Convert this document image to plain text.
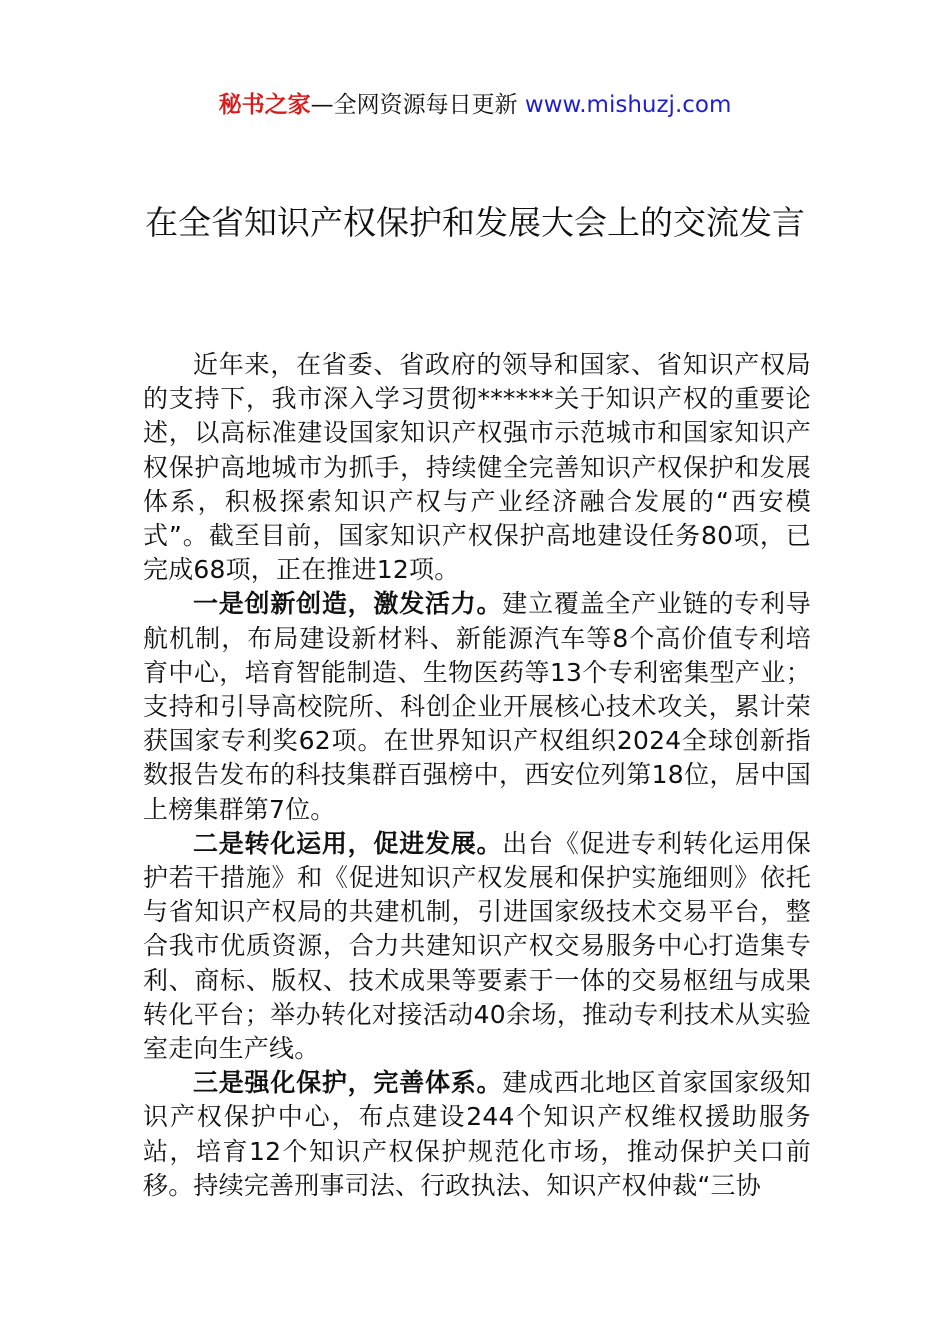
秘书之家—全网资源每日更新 www.mishuzj.com
在全省知识产权保护和发展大会上的交流发言

近年来，在省委、省政府的领导和国家、省知识产权局的支持下，我市深入学习贯彻******关于知识产权的重要论述，以高标准建设国家知识产权强市示范城市和国家知识产权保护高地城市为抓手，持续健全完善知识产权保护和发展体系，积极探索知识产权与产业经济融合发展的“西安模式”。截至目前，国家知识产权保护高地建设任务80项，已完成68项，正在推进12项。

一是创新创造，激发活力。建立覆盖全产业链的专利导航机制，布局建设新材料、新能源汽车等8个高价值专利培育中心，培育智能制造、生物医药等13个专利密集型产业；支持和引导高校院所、科创企业开展核心技术攻关，累计荣获国家专利奖62项。在世界知识产权组织2024全球创新指数报告发布的科技集群百强榜中，西安位列第18位，居中国上榜集群第7位。

二是转化运用，促进发展。出台《促进专利转化运用保护若干措施》和《促进知识产权发展和保护实施细则》依托与省知识产权局的共建机制，引进国家级技术交易平台，整合我市优质资源，合力共建知识产权交易服务中心打造集专利、商标、版权、技术成果等要素于一体的交易枢纽与成果转化平台；举办转化对接活动40余场，推动专利技术从实验室走向生产线。

三是强化保护，完善体系。建成西北地区首家国家级知识产权保护中心，布点建设244个知识产权维权援助服务站，培育12个知识产权保护规范化市场，推动保护关口前移。持续完善刑事司法、行政执法、知识产权仲裁“三协
